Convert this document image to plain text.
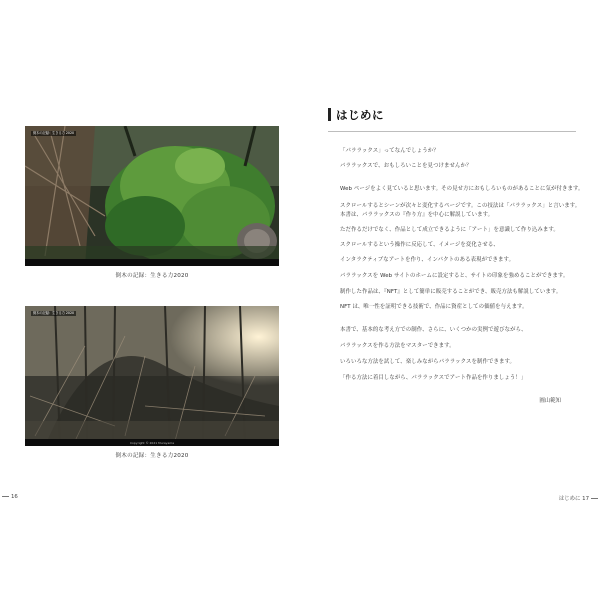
倒木の記録：生きる力 2020
倒木の記録：生きる力2020
倒木の記録：生きる力 2020
Copyright © 2021 Murayama
倒木の記録：生きる力2020
16
はじめに
「パララックス」ってなんでしょうか？
パララックスで、おもしろいことを見つけませんか？
Web ページをよく見ていると思います。その見せ方におもしろいものがあることに気が付きます。
スクロールするとシーンが次々と変化するページです。この技法は「パララックス」と言います。
本書は、パララックスの『作り方』を中心に解説しています。
ただ作るだけでなく、作品として成立できるように「アート」を意識して作り込みます。
スクロールするという操作に反応して、イメージを変化させる、
インタラクティブなアートを作り、インパクトのある表現ができます。
パララックスを Web サイトのホームに設定すると、サイトの印象を強めることができます。
制作した作品は、『NFT』として簡単に販売することができ、販売方法も解説しています。
NFT は、唯一性を証明できる技術で、作品に資産としての価値を与えます。
本書で、基本的な考え方での制作、さらに、いくつかの実例で遊びながら、
パララックスを作る方法をマスターできます。
いろいろな方法を試して、楽しみながらパララックスを制作できます。
「作る方法に着目しながら、パララックスでアート作品を作りましょう！」
圓山範知
はじめに 17
